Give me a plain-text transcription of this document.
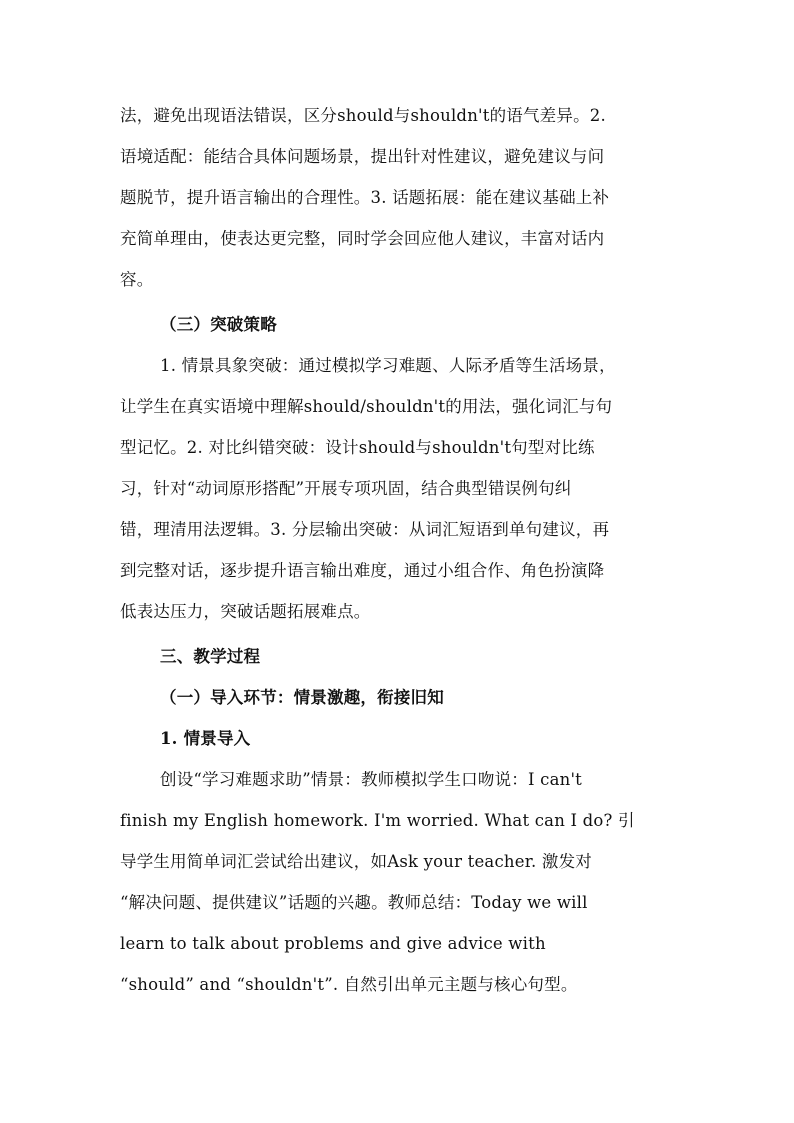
法，避免出现语法错误，区分should与shouldn't的语气差异。2.
语境适配：能结合具体问题场景，提出针对性建议，避免建议与问
题脱节，提升语言输出的合理性。3. 话题拓展：能在建议基础上补
充简单理由，使表达更完整，同时学会回应他人建议，丰富对话内
容。
（三）突破策略
1. 情景具象突破：通过模拟学习难题、人际矛盾等生活场景，
让学生在真实语境中理解should/shouldn't的用法，强化词汇与句
型记忆。2. 对比纠错突破：设计should与shouldn't句型对比练
习，针对“动词原形搭配”开展专项巩固，结合典型错误例句纠
错，理清用法逻辑。3. 分层输出突破：从词汇短语到单句建议，再
到完整对话，逐步提升语言输出难度，通过小组合作、角色扮演降
低表达压力，突破话题拓展难点。
三、教学过程
（一）导入环节：情景激趣，衔接旧知
1. 情景导入
创设“学习难题求助”情景：教师模拟学生口吻说：I can't
finish my English homework. I'm worried. What can I do? 引
导学生用简单词汇尝试给出建议，如Ask your teacher. 激发对
“解决问题、提供建议”话题的兴趣。教师总结：Today we will
learn to talk about problems and give advice with
“should” and “shouldn't”. 自然引出单元主题与核心句型。
